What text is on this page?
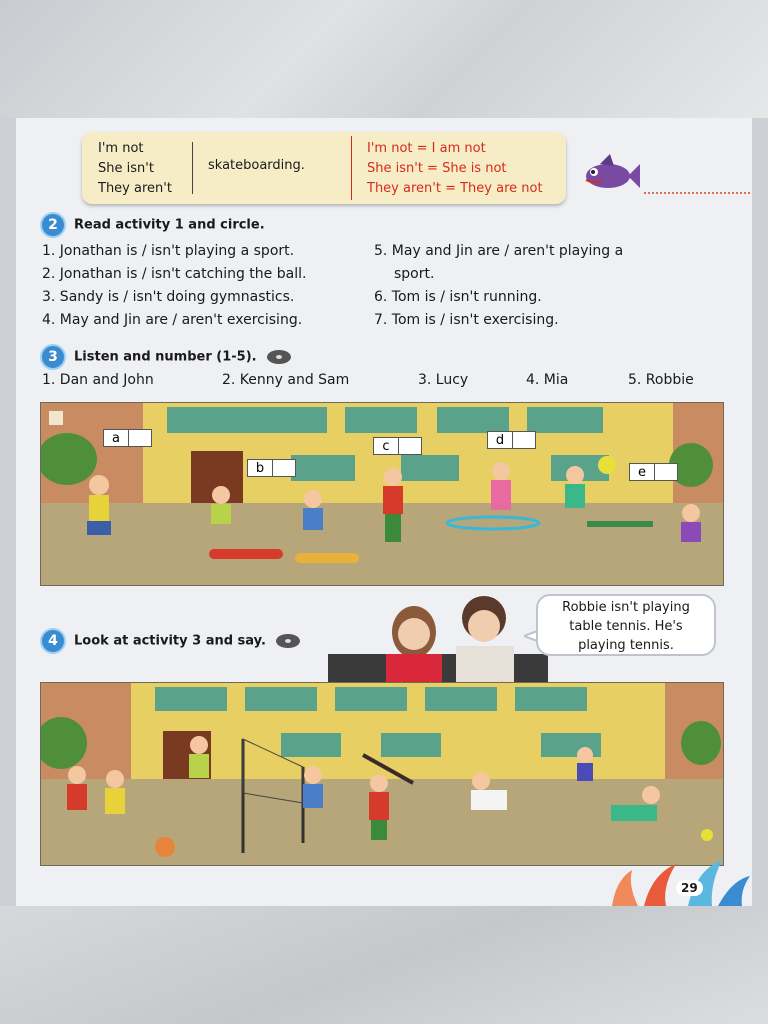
I'm not
She isn't
They aren't
skateboarding.
I'm not = I am not
She isn't = She is not
They aren't = They are not
2 Read activity 1 and circle.
1. Jonathan is / isn't playing a sport.
2. Jonathan is / isn't catching the ball.
3. Sandy is / isn't doing gymnastics.
4. May and Jin are / aren't exercising.
5. May and Jin are / aren't playing a
sport.
6. Tom is / isn't running.
7. Tom is / isn't exercising.
3 Listen and number (1-5).
1. Dan and John	2. Kenny and Sam	3. Lucy	4. Mia	5. Robbie
a
b
c	d
e
4 Look at activity 3 and say.
Robbie isn't playing
table tennis. He's
playing tennis.
29
